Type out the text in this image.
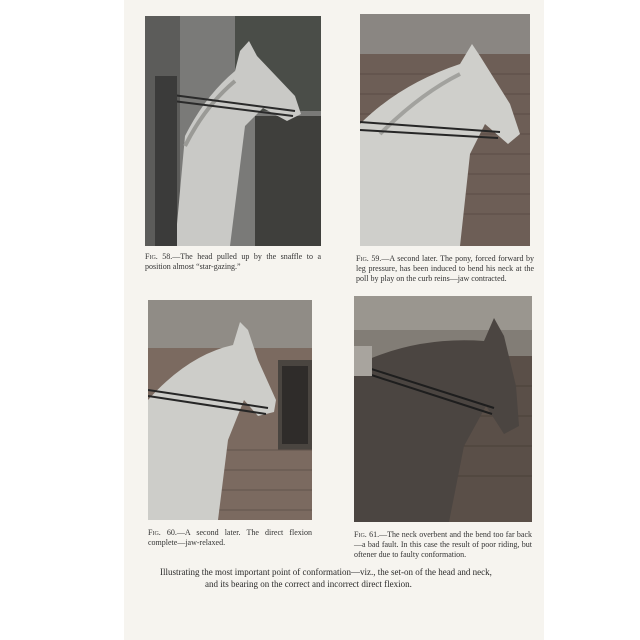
Fig. 58.—The head pulled up by the snaffle to a position almost “star-gazing.”
Fig. 59.—A second later. The pony, forced forward by leg pressure, has been induced to bend his neck at the poll by play on the curb reins—jaw contracted.
Fig. 60.—A second later. The direct flexion complete—jaw-relaxed.
Fig. 61.—The neck overbent and the bend too far back—a bad fault. In this case the result of poor riding, but oftener due to faulty conformation.
Illustrating the most important point of conformation—viz., the set-on of the head and neck,
and its bearing on the correct and incorrect direct flexion.
